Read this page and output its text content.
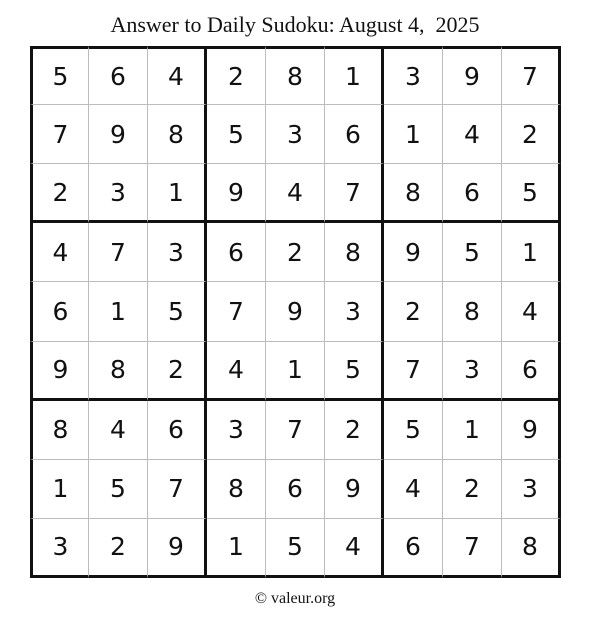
Answer to Daily Sudoku: August 4,  2025
5	6	4	2	8	1	3	9	7
7	9	8	5	3	6	1	4	2
2	3	1	9	4	7	8	6	5
4	7	3	6	2	8	9	5	1
6	1	5	7	9	3	2	8	4
9	8	2	4	1	5	7	3	6
8	4	6	3	7	2	5	1	9
1	5	7	8	6	9	4	2	3
3	2	9	1	5	4	6	7	8
© valeur.org
